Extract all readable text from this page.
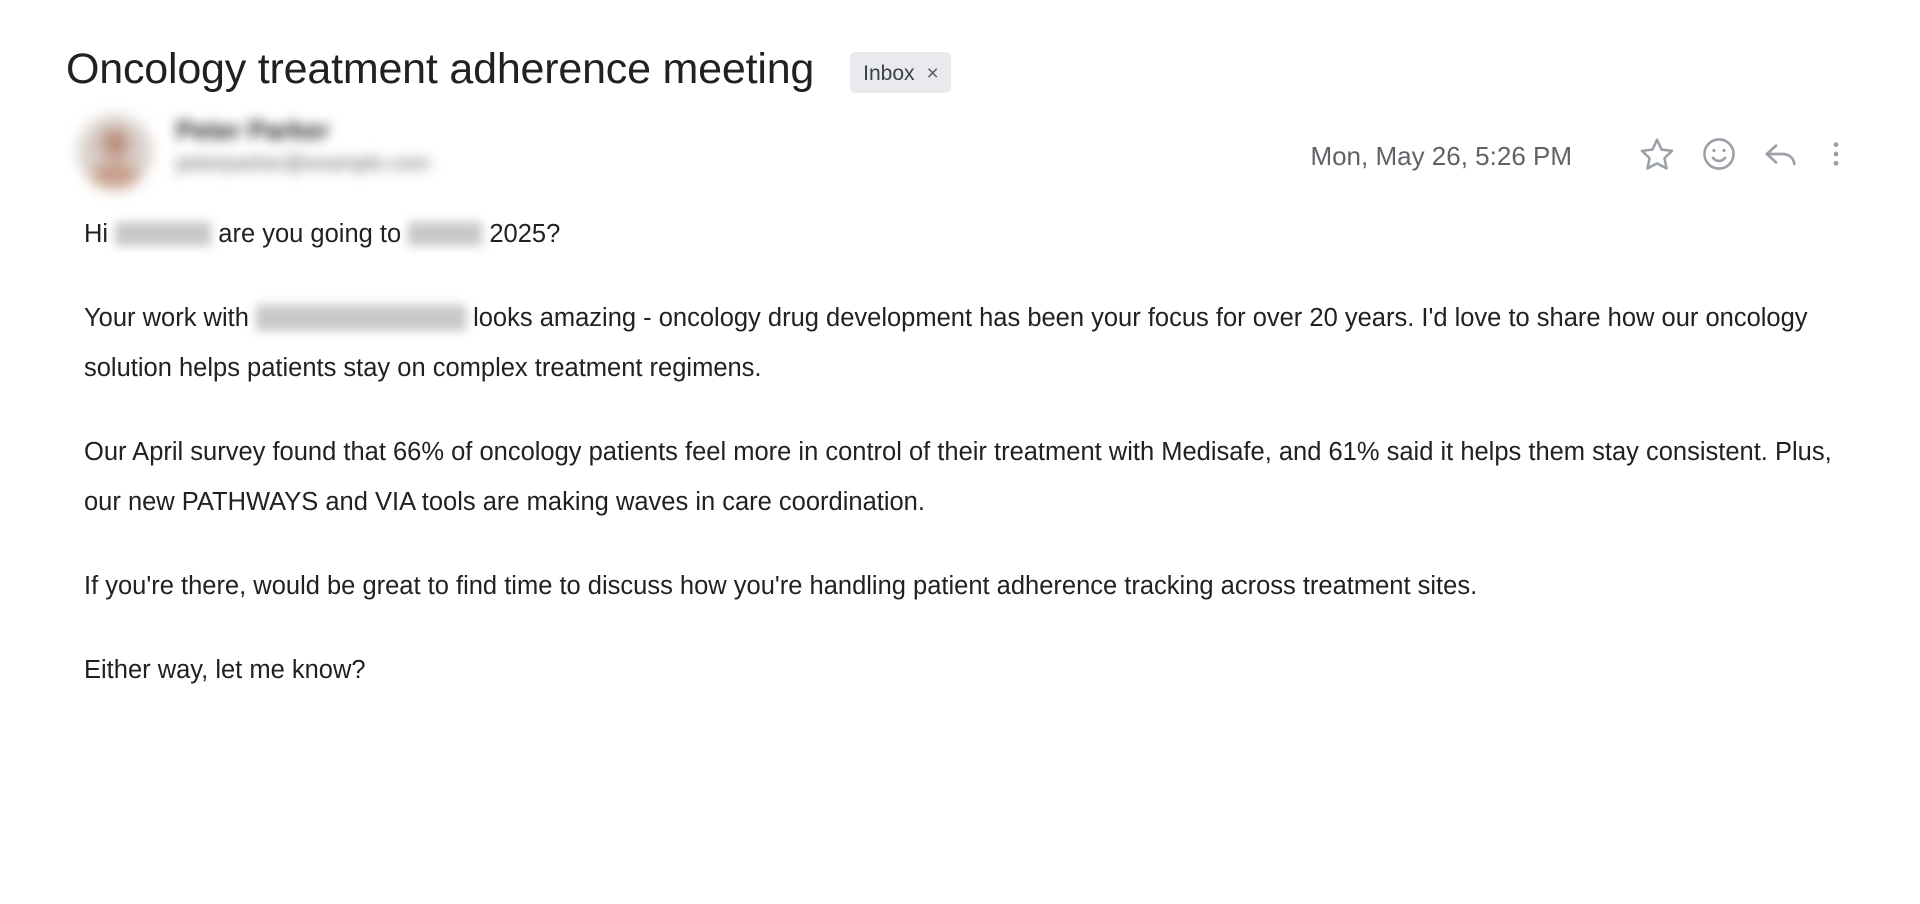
Oncology treatment adherence meeting Inbox ×
Peter Parker
peterparker@example.com	Mon, May 26, 5:26 PM

Hi	are you going to	2025?

Your work with	looks amazing - oncology drug development has been your focus for over 20 years. I'd love to share how our oncology solution helps patients stay on complex treatment regimens.

Our April survey found that 66% of oncology patients feel more in control of their treatment with Medisafe, and 61% said it helps them stay consistent. Plus, our new PATHWAYS and VIA tools are making waves in care coordination.

If you're there, would be great to find time to discuss how you're handling patient adherence tracking across treatment sites.

Either way, let me know?
